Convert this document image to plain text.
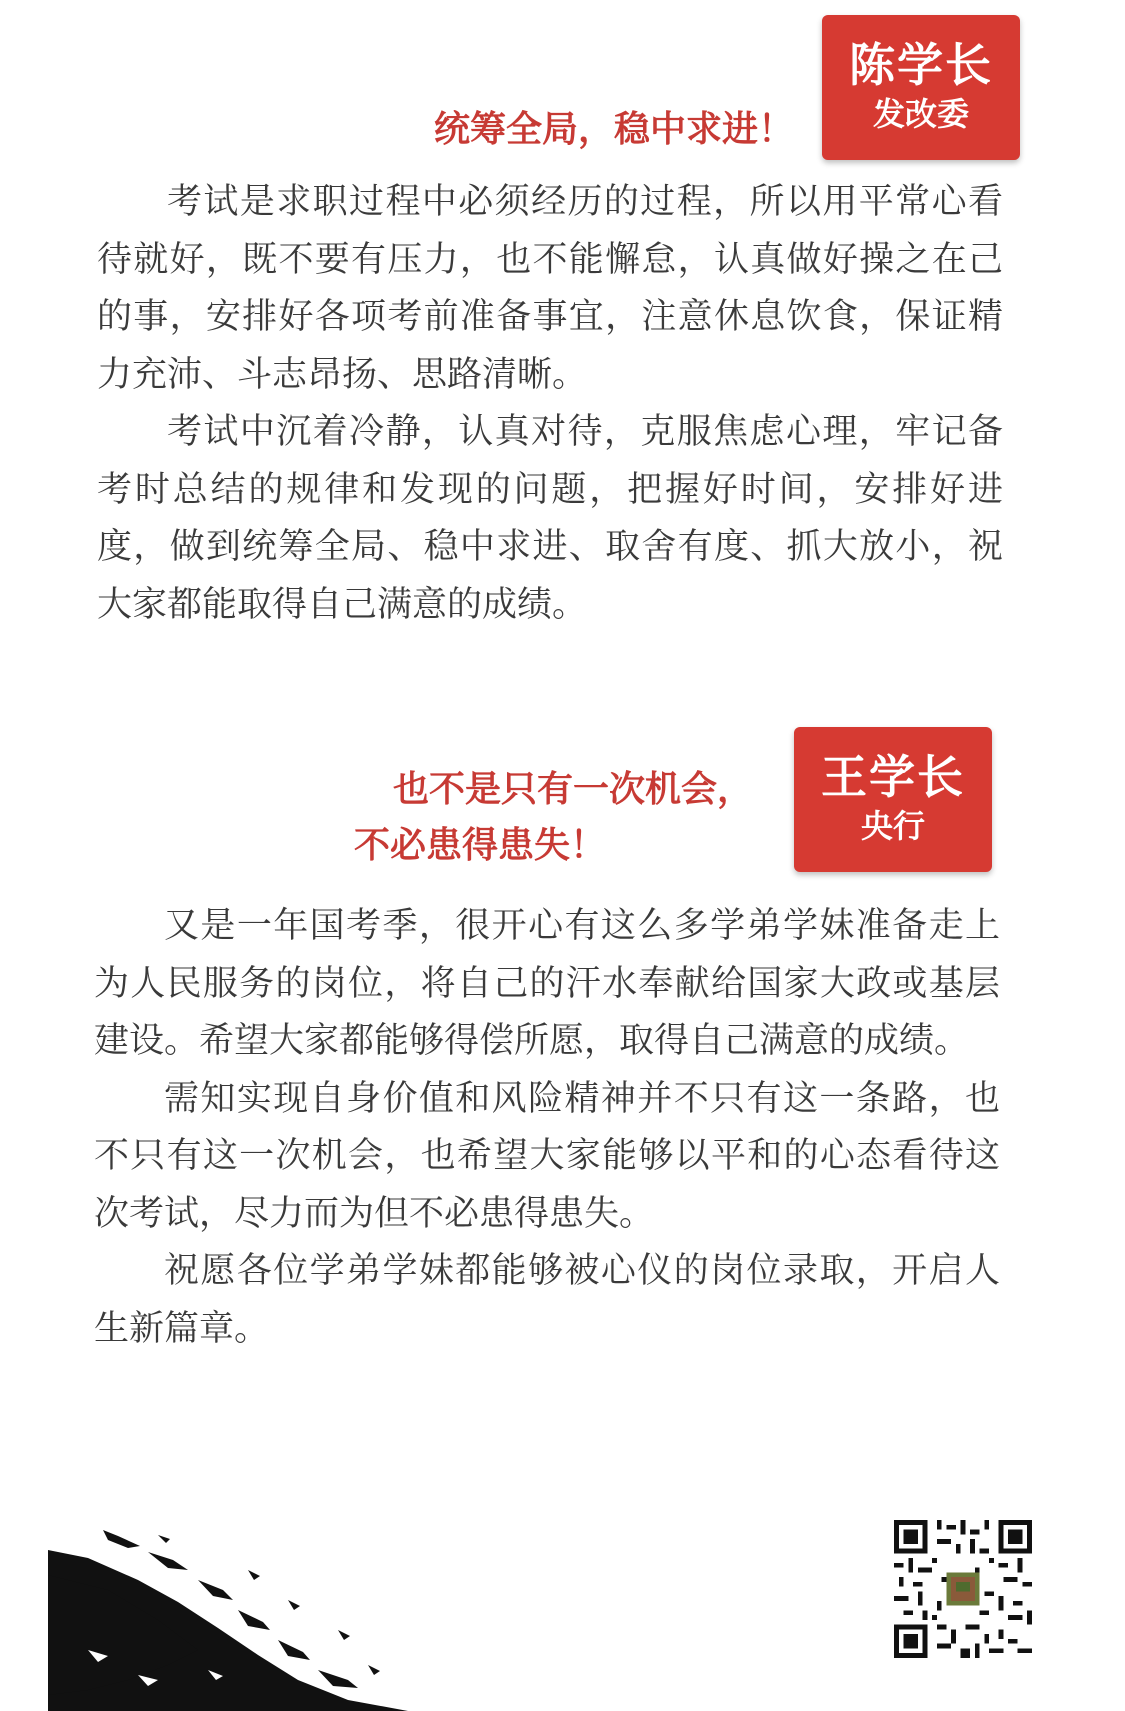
陈学长
发改委
统筹全局，稳中求进！

考试是求职过程中必须经历的过程，所以用平常心看待就好，既不要有压力，也不能懈怠，认真做好操之在己的事，安排好各项考前准备事宜，注意休息饮食，保证精力充沛、斗志昂扬、思路清晰。

考试中沉着冷静，认真对待，克服焦虑心理，牢记备考时总结的规律和发现的问题，把握好时间，安排好进度，做到统筹全局、稳中求进、取舍有度、抓大放小，祝大家都能取得自己满意的成绩。

也不是只有一次机会，
不必患得患失！
王学长
央行

又是一年国考季，很开心有这么多学弟学妹准备走上为人民服务的岗位，将自己的汗水奉献给国家大政或基层建设。希望大家都能够得偿所愿，取得自己满意的成绩。

需知实现自身价值和风险精神并不只有这一条路，也不只有这一次机会，也希望大家能够以平和的心态看待这次考试，尽力而为但不必患得患失。

祝愿各位学弟学妹都能够被心仪的岗位录取，开启人生新篇章。
